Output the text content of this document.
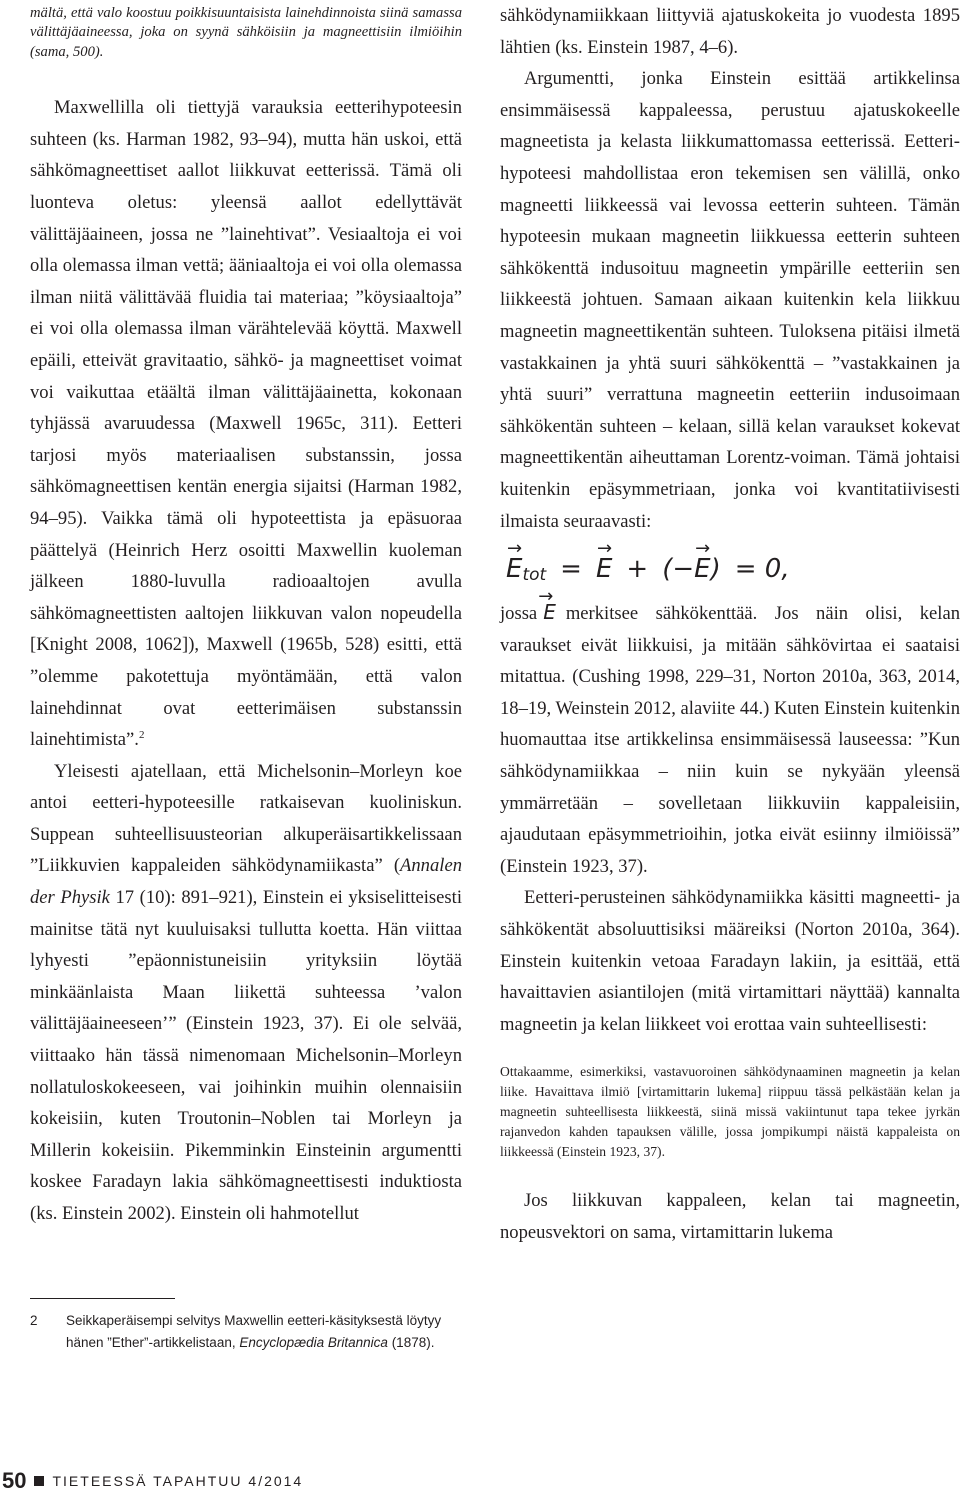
mältä, että valo koostuu poikkisuuntaisista lainehdinnoista siinä samassa välittäjäaineessa, joka on syynä sähköisiin ja magneettisiin ilmiöihin (sama, 500).

Maxwellilla oli tiettyjä varauksia eetterihypoteesin suhteen (ks. Harman 1982, 93–94), mutta hän uskoi, että sähkömagneettiset aallot liikkuvat eetterissä. Tämä oli luonteva oletus: yleensä aallot edellyttävät välittäjäaineen, jossa ne ”lainehtivat”. Vesiaaltoja ei voi olla olemassa ilman vettä; ääniaaltoja ei voi olla olemassa ilman niitä välittävää fluidia tai materiaa; ”köysiaaltoja” ei voi olla olemassa ilman värähtelevää köyttä. Maxwell epäili, etteivät gravitaatio, sähkö- ja magneettiset voimat voi vaikuttaa etäältä ilman välittäjäainetta, kokonaan tyhjässä avaruudessa (Maxwell 1965c, 311). Eetteri tarjosi myös materiaalisen substanssin, jossa sähkömagneettisen kentän energia sijaitsi (Harman 1982, 94–95). Vaikka tämä oli hypoteettista ja epäsuoraa päättelyä (Heinrich Herz osoitti Maxwellin kuoleman jälkeen 1880-luvulla radioaaltojen avulla sähkömagneettisten aaltojen liikkuvan valon nopeudella [Knight 2008, 1062]), Maxwell (1965b, 528) esitti, että ”olemme pakotettuja myöntämään, että valon lainehdinnat ovat eetterimäisen substanssin lainehtimista”.$^2$

Yleisesti ajatellaan, että Michelsonin–Morleyn koe antoi eetteri-hypoteesille ratkaisevan kuoliniskun. Suppean suhteellisuusteorian alkuperäisartikkelissaan ”Liikkuvien kappaleiden sähködynamiikasta” (Annalen der Physik 17 (10): 891–921), Einstein ei yksiselitteisesti mainitse tätä nyt kuuluisaksi tullutta koetta. Hän viittaa lyhyesti ”epäonnistuneisiin yrityksiin löytää minkäänlaista Maan liikettä suhteessa ’valon välittäjäaineeseen’” (Einstein 1923, 37). Ei ole selvää, viittaako hän tässä nimenomaan Michelsonin–Morleyn nollatuloskokeeseen, vai joihinkin muihin olennaisiin kokeisiin, kuten Troutonin–Noblen tai Morleyn ja Millerin kokeisiin. Pikemminkin Einsteinin argumentti koskee Faradayn lakia sähkömagneettisesti induktiosta (ks. Einstein 2002). Einstein oli hahmotellut

2 Seikkaperäisempi selvitys Maxwellin eetteri-käsityksestä löytyy hänen ”Ether”-artikkelistaan, Encyclopædia Britannica (1878).

sähködynamiikkaan liittyviä ajatuskokeita jo vuodesta 1895 lähtien (ks. Einstein 1987, 4–6).

Argumentti, jonka Einstein esittää artikkelinsa ensimmäisessä kappaleessa, perustuu ajatuskokeelle magneetista ja kelasta liikkumattomassa eetterissä. Eetteri-hypoteesi mahdollistaa eron tekemisen sen välillä, onko magneetti liikkeessä vai levossa eetterin suhteen. Tämän hypoteesin mukaan magneetin liikkuessa eetterin suhteen sähkökenttä indusoituu magneetin ympärille eetteriin sen liikkeestä johtuen. Samaan aikaan kuitenkin kela liikkuu magneetin magneettikentän suhteen. Tuloksena pitäisi ilmetä vastakkainen ja yhtä suuri sähkökenttä – ”vastakkainen ja yhtä suuri” verrattuna magneetin eetteriin indusoimaan sähkökentän suhteen – kelaan, sillä kelan varaukset kokevat magneettikentän aiheuttaman Lorentz-voiman. Tämä johtaisi kuitenkin epäsymmetriaan, jonka voi kvantitatiivisesti ilmaista seuraavasti:

→ E tot = → E + (− → E ) = 0,

jossa → E merkitsee sähkökenttää. Jos näin olisi, kelan varaukset eivät liikkuisi, ja mitään sähkövirtaa ei saataisi mitattua. (Cushing 1998, 229–31, Norton 2010a, 363, 2014, 18–19, Weinstein 2012, alaviite 44.) Kuten Einstein kuitenkin huomauttaa itse artikkelinsa ensimmäisessä lauseessa: ”Kun sähködynamiikkaa – niin kuin se nykyään yleensä ymmärretään – sovelletaan liikkuviin kappaleisiin, ajaudutaan epäsymmetrioihin, jotka eivät esiinny ilmiöissä” (Einstein 1923, 37).

Eetteri-perusteinen sähködynamiikka käsitti magneetti- ja sähkökentät absoluuttisiksi määreiksi (Norton 2010a, 364). Einstein kuitenkin vetoaa Faradayn lakiin, ja esittää, että havaittavien asiantilojen (mitä virtamittari näyttää) kannalta magneetin ja kelan liikkeet voi erottaa vain suhteellisesti:

Ottakaamme, esimerkiksi, vastavuoroinen sähködynaaminen magneetin ja kelan liike. Havaittava ilmiö [virtamittarin lukema] riippuu tässä pelkästään kelan ja magneetin suhteellisesta liikkeestä, siinä missä vakiintunut tapa tekee jyrkän rajanvedon kahden tapauksen välille, jossa jompikumpi näistä kappaleista on liikkeessä (Einstein 1923, 37).

Jos liikkuvan kappaleen, kelan tai magneetin, nopeusvektori on sama, virtamittarin lukema

50 TIETEESSÄ TAPAHTUU 4/2014
